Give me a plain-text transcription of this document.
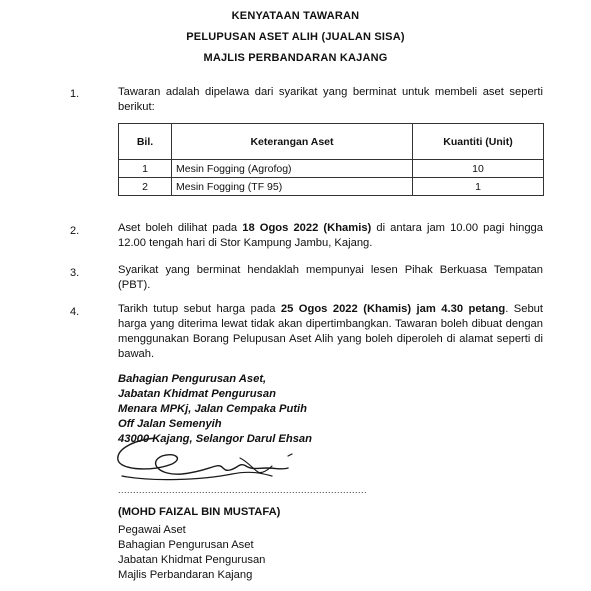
KENYATAAN TAWARAN
PELUPUSAN ASET ALIH (JUALAN SISA)
MAJLIS PERBANDARAN KAJANG
1.	Tawaran adalah dipelawa dari syarikat yang berminat untuk membeli aset seperti berikut:
Bil.	Keterangan Aset	Kuantiti (Unit)
1	Mesin Fogging (Agrofog)	10
2	Mesin Fogging (TF 95)	1
2.	Aset boleh dilihat pada 18 Ogos 2022 (Khamis) di antara jam 10.00 pagi hingga 12.00 tengah hari di Stor Kampung Jambu, Kajang.
3.	Syarikat yang berminat hendaklah mempunyai lesen Pihak Berkuasa Tempatan (PBT).
4.	Tarikh tutup sebut harga pada 25 Ogos 2022 (Khamis) jam 4.30 petang. Sebut harga yang diterima lewat tidak akan dipertimbangkan. Tawaran boleh dibuat dengan menggunakan Borang Pelupusan Aset Alih yang boleh diperoleh di alamat seperti di bawah.
Bahagian Pengurusan Aset,
Jabatan Khidmat Pengurusan
Menara MPKj, Jalan Cempaka Putih
Off Jalan Semenyih
43000 Kajang, Selangor Darul Ehsan
...................................................................................
(MOHD FAIZAL BIN MUSTAFA)
Pegawai Aset
Bahagian Pengurusan Aset
Jabatan Khidmat Pengurusan
Majlis Perbandaran Kajang
